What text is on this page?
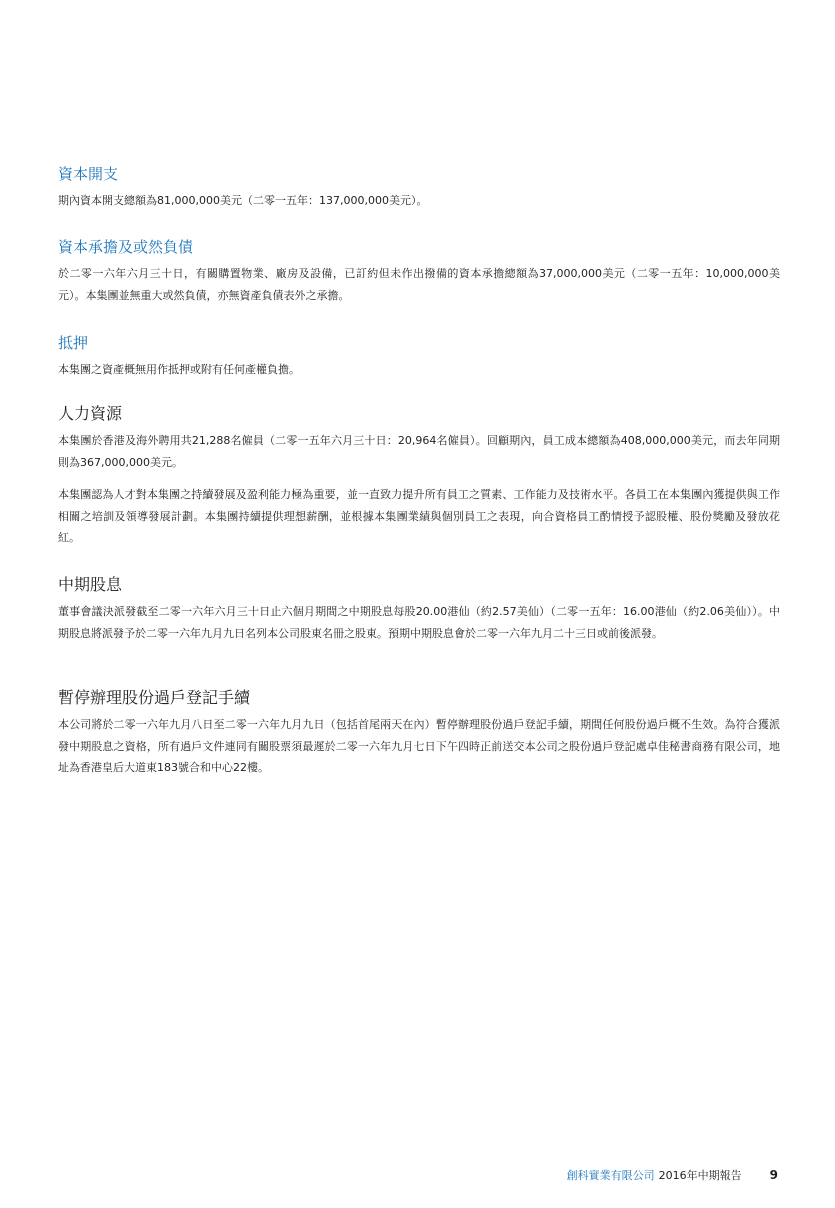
資本開支

期內資本開支總額為81,000,000美元（二零一五年：137,000,000美元）。

資本承擔及或然負債

於二零一六年六月三十日，有關購置物業、廠房及設備，已訂約但未作出撥備的資本承擔總額為37,000,000美元（二零一五年：10,000,000美元）。本集團並無重大或然負債，亦無資產負債表外之承擔。

抵押

本集團之資產概無用作抵押或附有任何產權負擔。

人力資源

本集團於香港及海外聘用共21,288名僱員（二零一五年六月三十日：20,964名僱員）。回顧期內，員工成本總額為408,000,000美元，而去年同期則為367,000,000美元。

本集團認為人才對本集團之持續發展及盈利能力極為重要，並一直致力提升所有員工之質素、工作能力及技術水平。各員工在本集團內獲提供與工作相關之培訓及領導發展計劃。本集團持續提供理想薪酬，並根據本集團業績與個別員工之表現，向合資格員工酌情授予認股權、股份獎勵及發放花紅。

中期股息

董事會議決派發截至二零一六年六月三十日止六個月期間之中期股息每股20.00港仙（約2.57美仙）（二零一五年：16.00港仙（約2.06美仙））。中期股息將派發予於二零一六年九月九日名列本公司股東名冊之股東。預期中期股息會於二零一六年九月二十三日或前後派發。

暫停辦理股份過戶登記手續

本公司將於二零一六年九月八日至二零一六年九月九日（包括首尾兩天在內）暫停辦理股份過戶登記手續，期間任何股份過戶概不生效。為符合獲派發中期股息之資格，所有過戶文件連同有關股票須最遲於二零一六年九月七日下午四時正前送交本公司之股份過戶登記處卓佳秘書商務有限公司，地址為香港皇后大道東183號合和中心22樓。

創科實業有限公司 2016年中期報告 9
